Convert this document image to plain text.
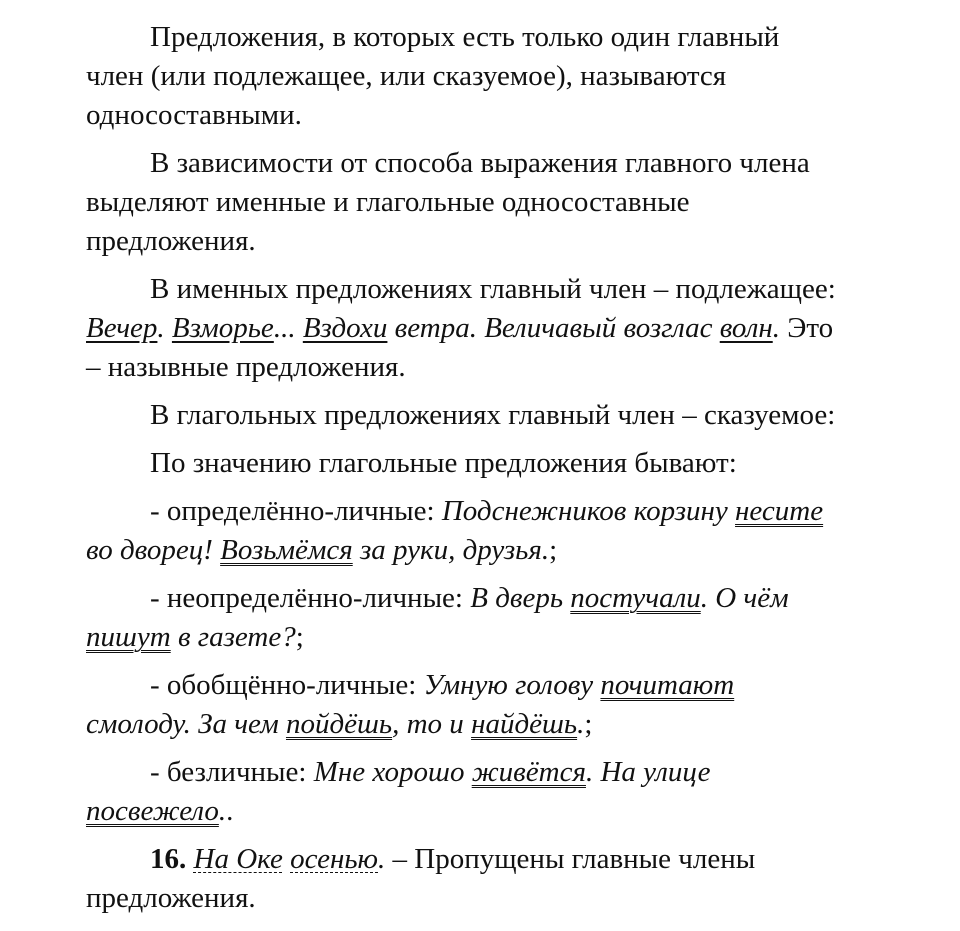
Предложения, в которых есть только один главный
член (или подлежащее, или сказуемое), называются
односоставными.

В зависимости от способа выражения главного члена
выделяют именные и глагольные односоставные
предложения.

В именных предложениях главный член – подлежащее:
Вечер. Взморье... Вздохи ветра. Величавый возглас волн. Это
– назывные предложения.

В глагольных предложениях главный член – сказуемое:

По значению глагольные предложения бывают:

- определённо-личные: Подснежников корзину несите
во дворец! Возьмёмся за руки, друзья.;

- неопределённо-личные: В дверь постучали. О чём
пишут в газете?;

- обобщённо-личные: Умную голову почитают
смолоду. За чем пойдёшь, то и найдёшь.;

- безличные: Мне хорошо живётся. На улице
посвежело..

16. На Оке осенью. – Пропущены главные члены
предложения.
